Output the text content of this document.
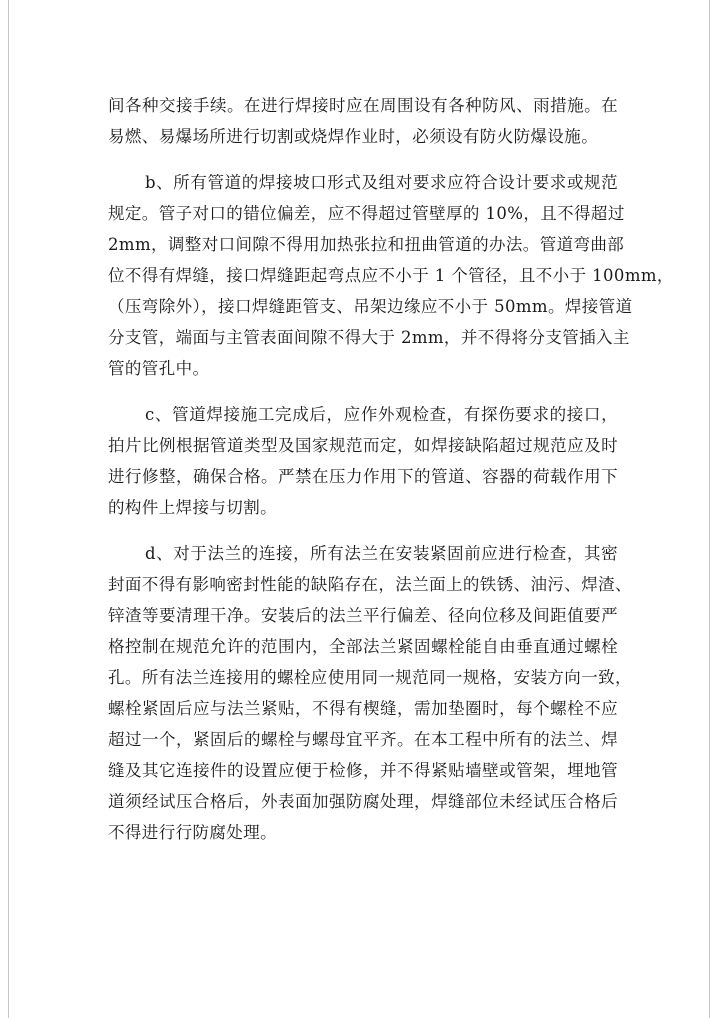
间各种交接手续。在进行焊接时应在周围设有各种防风、雨措施。在
易燃、易爆场所进行切割或烧焊作业时，必须设有防火防爆设施。
b、所有管道的焊接坡口形式及组对要求应符合设计要求或规范
规定。管子对口的错位偏差，应不得超过管壁厚的 10%，且不得超过
2mm，调整对口间隙不得用加热张拉和扭曲管道的办法。管道弯曲部
位不得有焊缝，接口焊缝距起弯点应不小于 1 个管径，且不小于 100mm，
（压弯除外），接口焊缝距管支、吊架边缘应不小于 50mm。焊接管道
分支管，端面与主管表面间隙不得大于 2mm，并不得将分支管插入主
管的管孔中。
c、管道焊接施工完成后，应作外观检查，有探伤要求的接口，
拍片比例根据管道类型及国家规范而定，如焊接缺陷超过规范应及时
进行修整，确保合格。严禁在压力作用下的管道、容器的荷载作用下
的构件上焊接与切割。
d、对于法兰的连接，所有法兰在安装紧固前应进行检查，其密
封面不得有影响密封性能的缺陷存在，法兰面上的铁锈、油污、焊渣、
锌渣等要清理干净。安装后的法兰平行偏差、径向位移及间距值要严
格控制在规范允许的范围内，全部法兰紧固螺栓能自由垂直通过螺栓
孔。所有法兰连接用的螺栓应使用同一规范同一规格，安装方向一致，
螺栓紧固后应与法兰紧贴，不得有楔缝，需加垫圈时，每个螺栓不应
超过一个，紧固后的螺栓与螺母宜平齐。在本工程中所有的法兰、焊
缝及其它连接件的设置应便于检修，并不得紧贴墙壁或管架，埋地管
道须经试压合格后，外表面加强防腐处理，焊缝部位未经试压合格后
不得进行行防腐处理。
